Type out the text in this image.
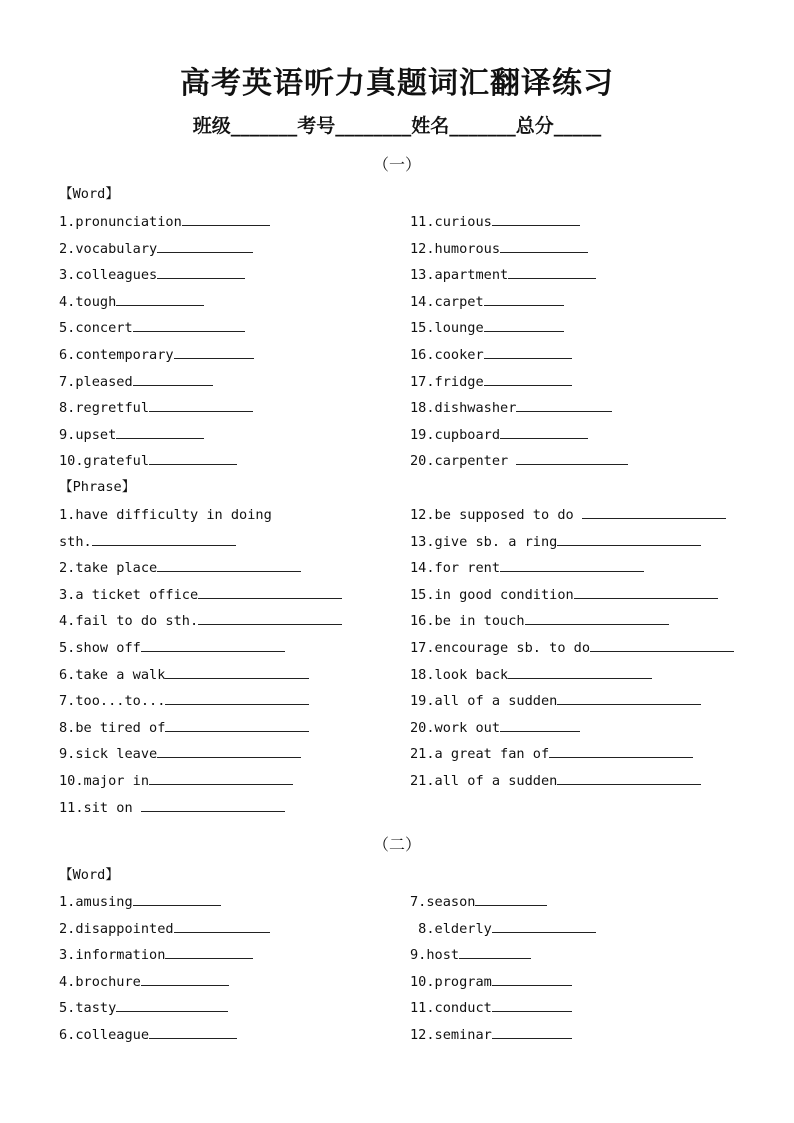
高考英语听力真题词汇翻译练习
班级_______考号________姓名_______总分_____
（一）
【Word】
1.pronunciation
2.vocabulary
3.colleagues
4.tough
5.concert
6.contemporary
7.pleased
8.regretful
9.upset
10.grateful
11.curious
12.humorous
13.apartment
14.carpet
15.lounge
16.cooker
17.fridge
18.dishwasher
19.cupboard
20.carpenter
【Phrase】
1.have difficulty in doing
sth.
2.take place
3.a ticket office
4.fail to do sth.
5.show off
6.take a walk
7.too...to...
8.be tired of
9.sick leave
10.major in
11.sit on
12.be supposed to do
13.give sb. a ring
14.for rent
15.in good condition
16.be in touch
17.encourage sb. to do
18.look back
19.all of a sudden
20.work out
21.a great fan of
21.all of a sudden
【Word】
1.amusing
2.disappointed
3.information
4.brochure
5.tasty
6.colleague
7.season
8.elderly
9.host
10.program
11.conduct
12.seminar
（二）
